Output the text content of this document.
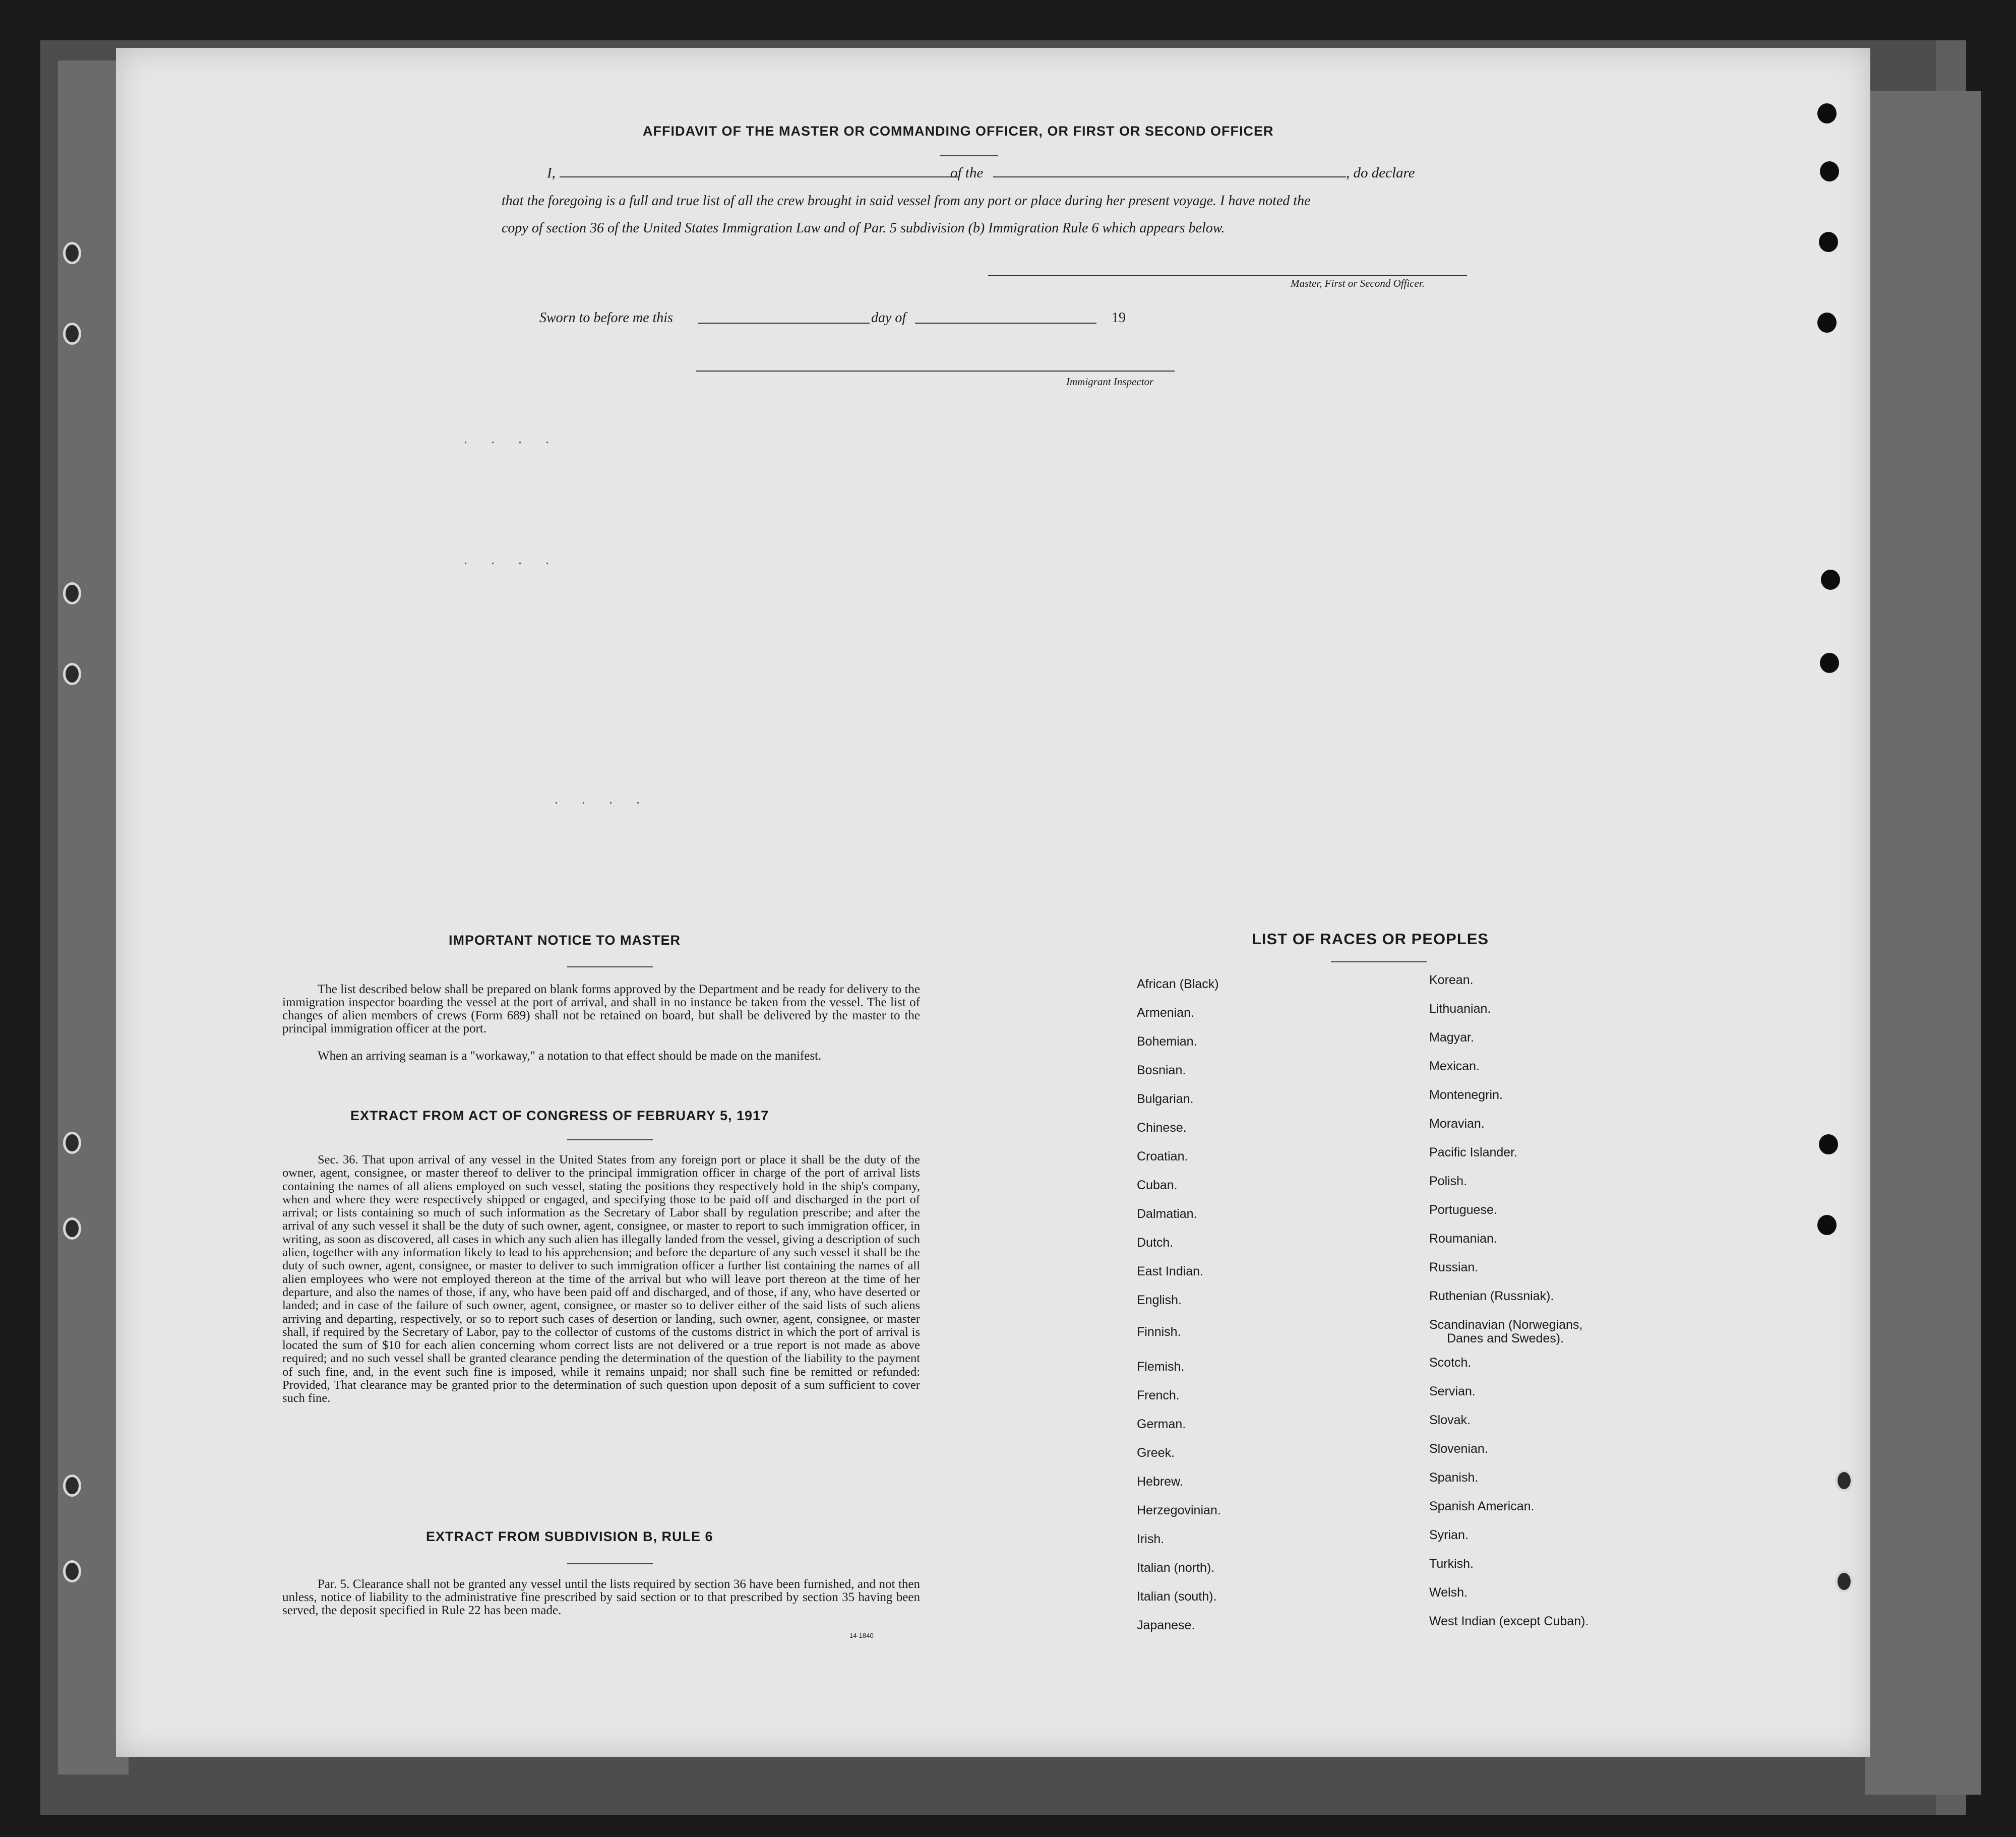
AFFIDAVIT OF THE MASTER OR COMMANDING OFFICER, OR FIRST OR SECOND OFFICER
I,	of the	, do declare
that the foregoing is a full and true list of all the crew brought in said vessel from any port or place during her present voyage. I have noted the
copy of section 36 of the United States Immigration Law and of Par. 5 subdivision (b) Immigration Rule 6 which appears below.
Master, First or Second Officer.
Sworn to before me this	day of	19
Immigrant Inspector
. . . .
. . . .
. . . .
IMPORTANT NOTICE TO MASTER
The list described below shall be prepared on blank forms approved by the Department and be ready for delivery to the immigration inspector boarding the vessel at the port of arrival, and shall in no instance be taken from the vessel. The list of changes of alien members of crews (Form 689) shall not be retained on board, but shall be delivered by the master to the principal immigration officer at the port.
When an arriving seaman is a "workaway," a notation to that effect should be made on the manifest.
EXTRACT FROM ACT OF CONGRESS OF FEBRUARY 5, 1917
Sec. 36. That upon arrival of any vessel in the United States from any foreign port or place it shall be the duty of the owner, agent, consignee, or master thereof to deliver to the principal immigration officer in charge of the port of arrival lists containing the names of all aliens employed on such vessel, stating the positions they respectively hold in the ship's company, when and where they were respectively shipped or engaged, and specifying those to be paid off and discharged in the port of arrival; or lists containing so much of such information as the Secretary of Labor shall by regulation prescribe; and after the arrival of any such vessel it shall be the duty of such owner, agent, consignee, or master to report to such immigration officer, in writing, as soon as discovered, all cases in which any such alien has illegally landed from the vessel, giving a description of such alien, together with any information likely to lead to his apprehension; and before the departure of any such vessel it shall be the duty of such owner, agent, consignee, or master to deliver to such immigration officer a further list containing the names of all alien employees who were not employed thereon at the time of the arrival but who will leave port thereon at the time of her departure, and also the names of those, if any, who have been paid off and discharged, and of those, if any, who have deserted or landed; and in case of the failure of such owner, agent, consignee, or master so to deliver either of the said lists of such aliens arriving and departing, respectively, or so to report such cases of desertion or landing, such owner, agent, consignee, or master shall, if required by the Secretary of Labor, pay to the collector of customs of the customs district in which the port of arrival is located the sum of $10 for each alien concerning whom correct lists are not delivered or a true report is not made as above required; and no such vessel shall be granted clearance pending the determination of the question of the liability to the payment of such fine, and, in the event such fine is imposed, while it remains unpaid; nor shall such fine be remitted or refunded: Provided, That clearance may be granted prior to the determination of such question upon deposit of a sum sufficient to cover such fine.
EXTRACT FROM SUBDIVISION B, RULE 6
Par. 5. Clearance shall not be granted any vessel until the lists required by section 36 have been furnished, and not then unless, notice of liability to the administrative fine prescribed by said section or to that prescribed by section 35 having been served, the deposit specified in Rule 22 has been made.
14-1840
LIST OF RACES OR PEOPLES
African (Black)
Armenian.
Bohemian.
Bosnian.
Bulgarian.
Chinese.
Croatian.
Cuban.
Dalmatian.
Dutch.
East Indian.
English.
Finnish.
Flemish.
French.
German.
Greek.
Hebrew.
Herzegovinian.
Irish.
Italian (north).
Italian (south).
Japanese.
Korean.
Lithuanian.
Magyar.
Mexican.
Montenegrin.
Moravian.
Pacific Islander.
Polish.
Portuguese.
Roumanian.
Russian.
Ruthenian (Russniak).
Scandinavian (Norwegians,
Danes and Swedes).
Scotch.
Servian.
Slovak.
Slovenian.
Spanish.
Spanish American.
Syrian.
Turkish.
Welsh.
West Indian (except Cuban).
